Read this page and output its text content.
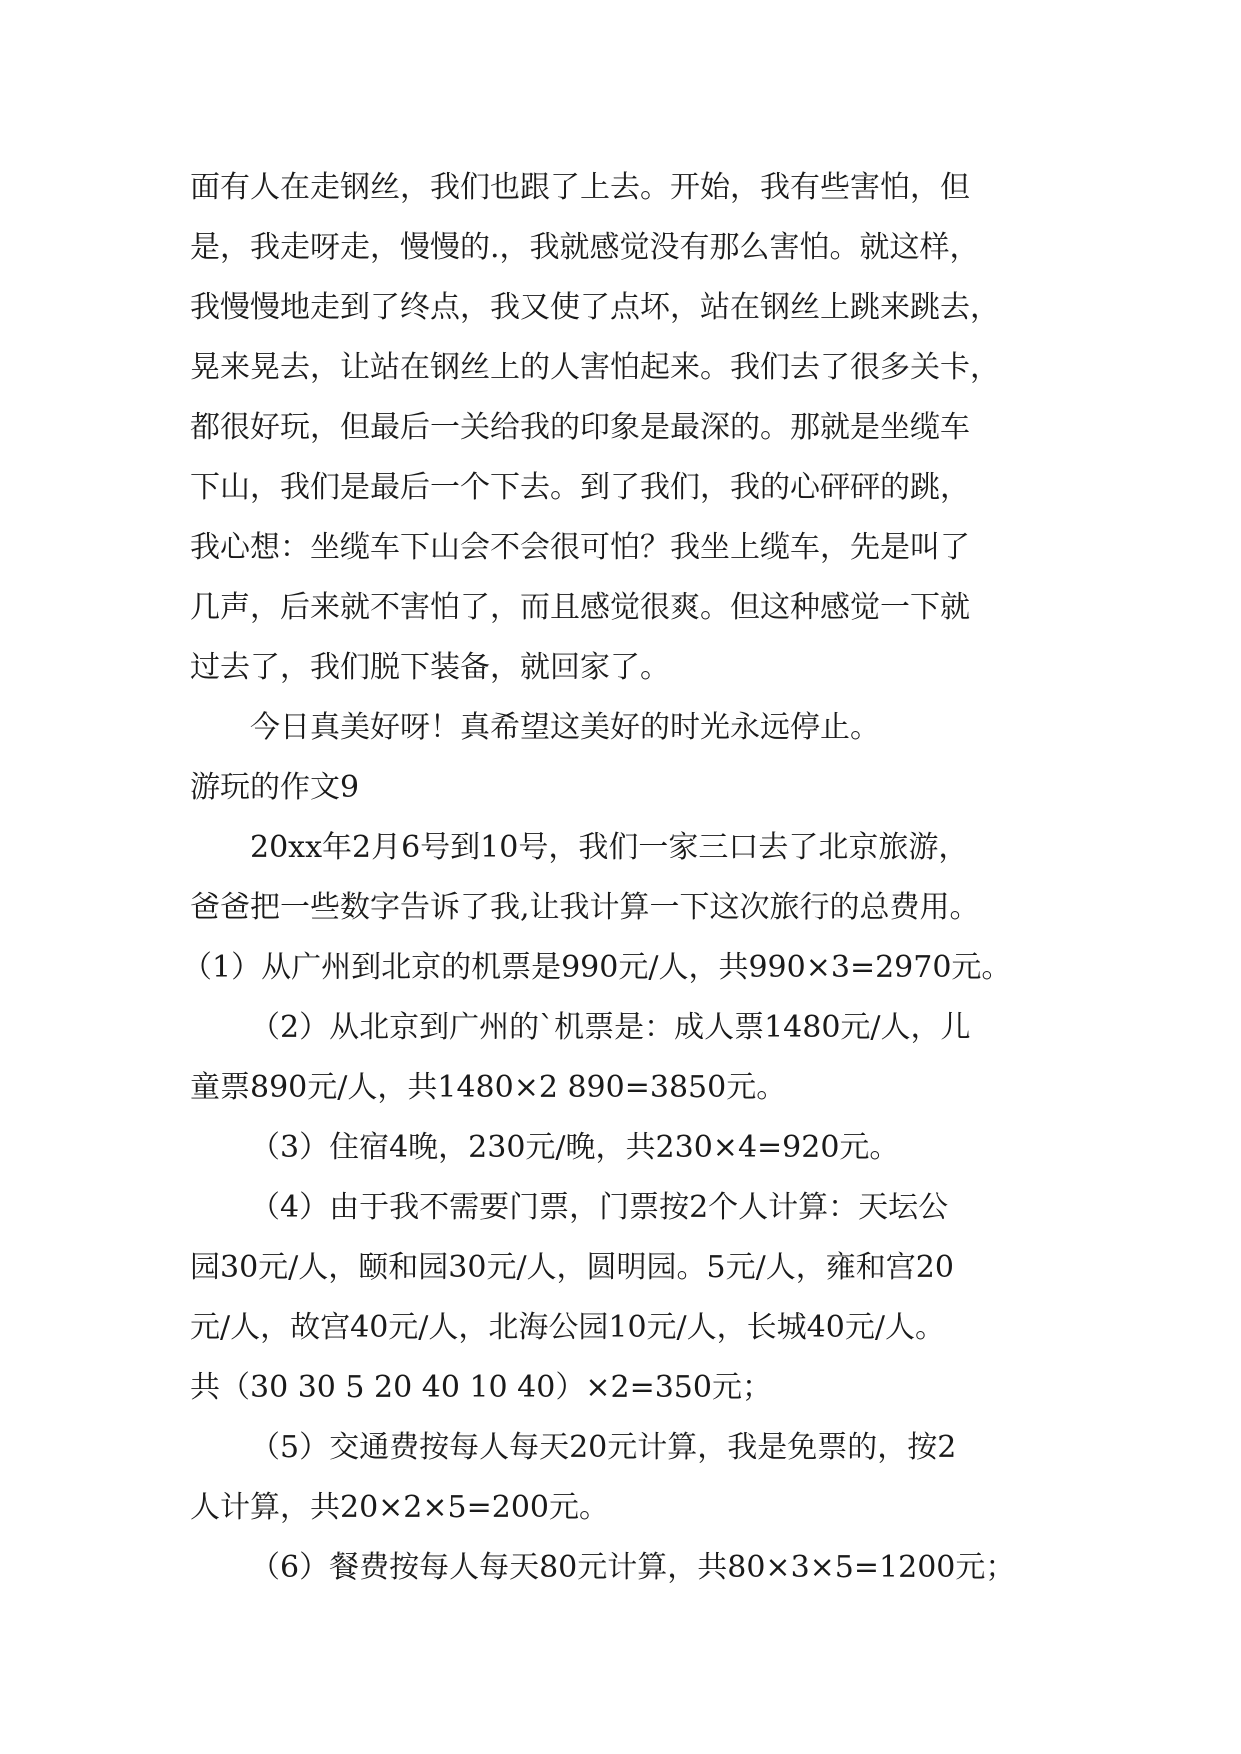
面有人在走钢丝，我们也跟了上去。开始，我有些害怕，但
是，我走呀走，慢慢的.，我就感觉没有那么害怕。就这样，
我慢慢地走到了终点，我又使了点坏，站在钢丝上跳来跳去，
晃来晃去，让站在钢丝上的人害怕起来。我们去了很多关卡，
都很好玩，但最后一关给我的印象是最深的。那就是坐缆车
下山，我们是最后一个下去。到了我们，我的心砰砰的跳，
我心想：坐缆车下山会不会很可怕？我坐上缆车，先是叫了
几声，后来就不害怕了，而且感觉很爽。但这种感觉一下就
过去了，我们脱下装备，就回家了。
今日真美好呀！真希望这美好的时光永远停止。
游玩的作文9
20xx年2月6号到10号，我们一家三口去了北京旅游，
爸爸把一些数字告诉了我,让我计算一下这次旅行的总费用。
（1）从广州到北京的机票是990元/人，共990×3=2970元。
（2）从北京到广州的`机票是：成人票1480元/人，儿
童票890元/人，共1480×2 890=3850元。
（3）住宿4晚，230元/晚，共230×4=920元。
（4）由于我不需要门票，门票按2个人计算：天坛公
园30元/人，颐和园30元/人，圆明园。5元/人，雍和宫20
元/人，故宫40元/人，北海公园10元/人，长城40元/人。
共（30 30 5 20 40 10 40）×2=350元；
（5）交通费按每人每天20元计算，我是免票的，按2
人计算，共20×2×5=200元。
（6）餐费按每人每天80元计算，共80×3×5=1200元；
